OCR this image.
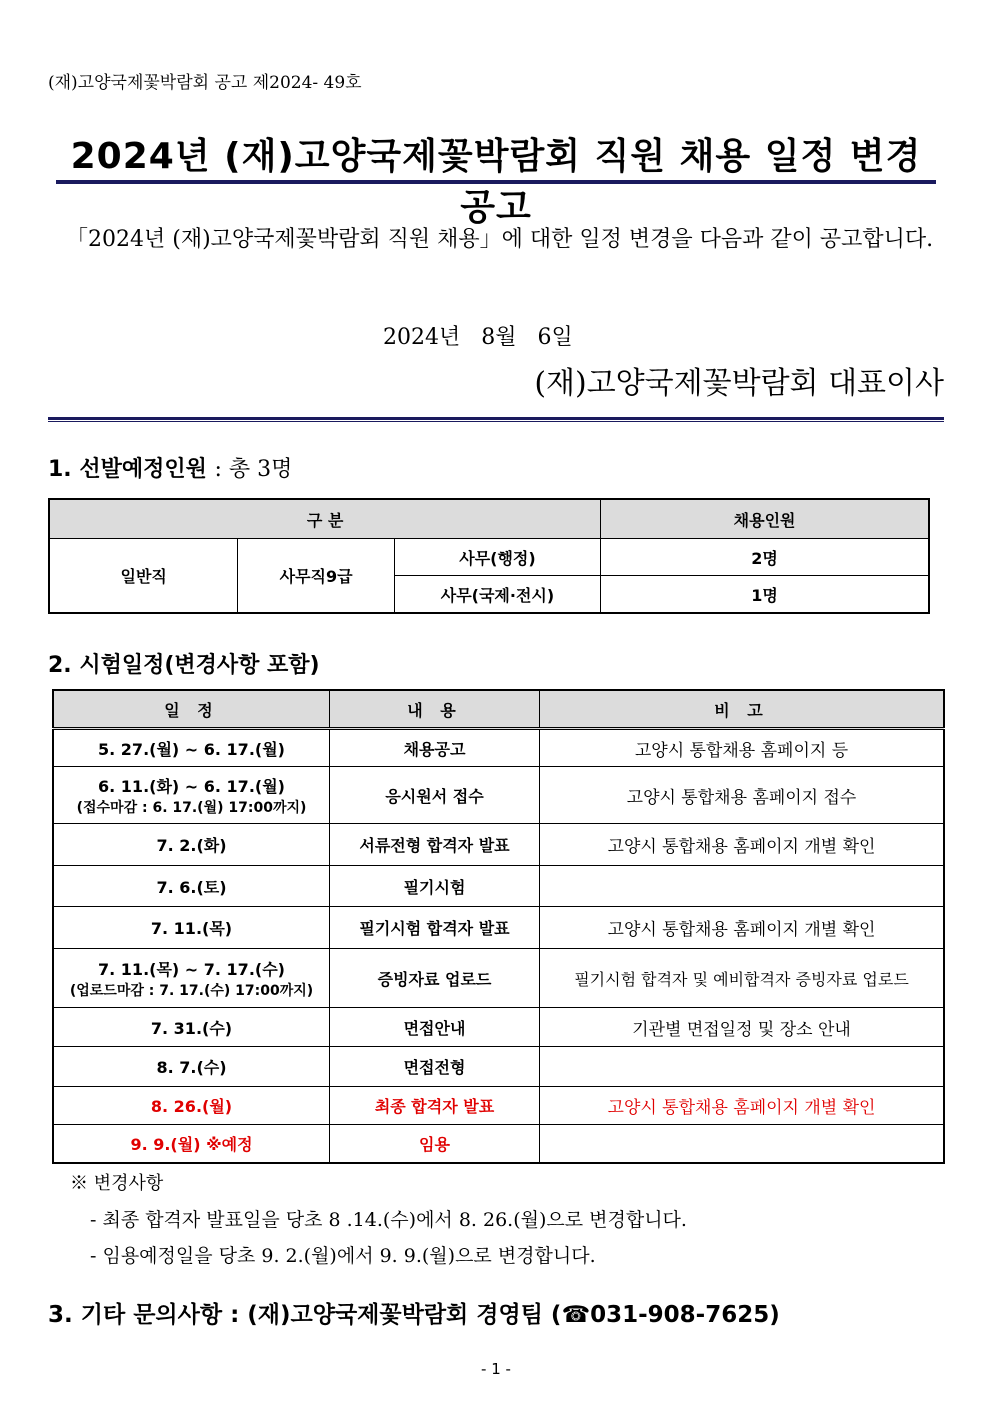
(재)고양국제꽃박람회 공고 제2024- 49호
2024년 (재)고양국제꽃박람회 직원 채용 일정 변경 공고
「2024년 (재)고양국제꽃박람회 직원 채용」에 대한 일정 변경을 다음과 같이 공고합니다.
2024년 8월 6일
(재)고양국제꽃박람회 대표이사
1. 선발예정인원 : 총 3명
구 분			채용인원
일반직	사무직9급	사무(행정)	2명
		사무(국제·전시)	1명
2. 시험일정(변경사항 포함)
일 정	내 용	비 고
5. 27.(월) ~ 6. 17.(월)	채용공고	고양시 통합채용 홈페이지 등
6. 11.(화) ~ 6. 17.(월)
(접수마감 : 6. 17.(월) 17:00까지)	응시원서 접수	고양시 통합채용 홈페이지 접수
7. 2.(화)	서류전형 합격자 발표	고양시 통합채용 홈페이지 개별 확인
7. 6.(토)	필기시험	
7. 11.(목)	필기시험 합격자 발표	고양시 통합채용 홈페이지 개별 확인
7. 11.(목) ~ 7. 17.(수)
(업로드마감 : 7. 17.(수) 17:00까지)	증빙자료 업로드	필기시험 합격자 및 예비합격자 증빙자료 업로드
7. 31.(수)	면접안내	기관별 면접일정 및 장소 안내
8. 7.(수)	면접전형	
8. 26.(월)	최종 합격자 발표	고양시 통합채용 홈페이지 개별 확인
9. 9.(월) ※예정	임용	
※ 변경사항
- 최종 합격자 발표일을 당초 8 .14.(수)에서 8. 26.(월)으로 변경합니다.
- 임용예정일을 당초 9. 2.(월)에서 9. 9.(월)으로 변경합니다.
3. 기타 문의사항 : (재)고양국제꽃박람회 경영팀 (☎031-908-7625)
- 1 -
